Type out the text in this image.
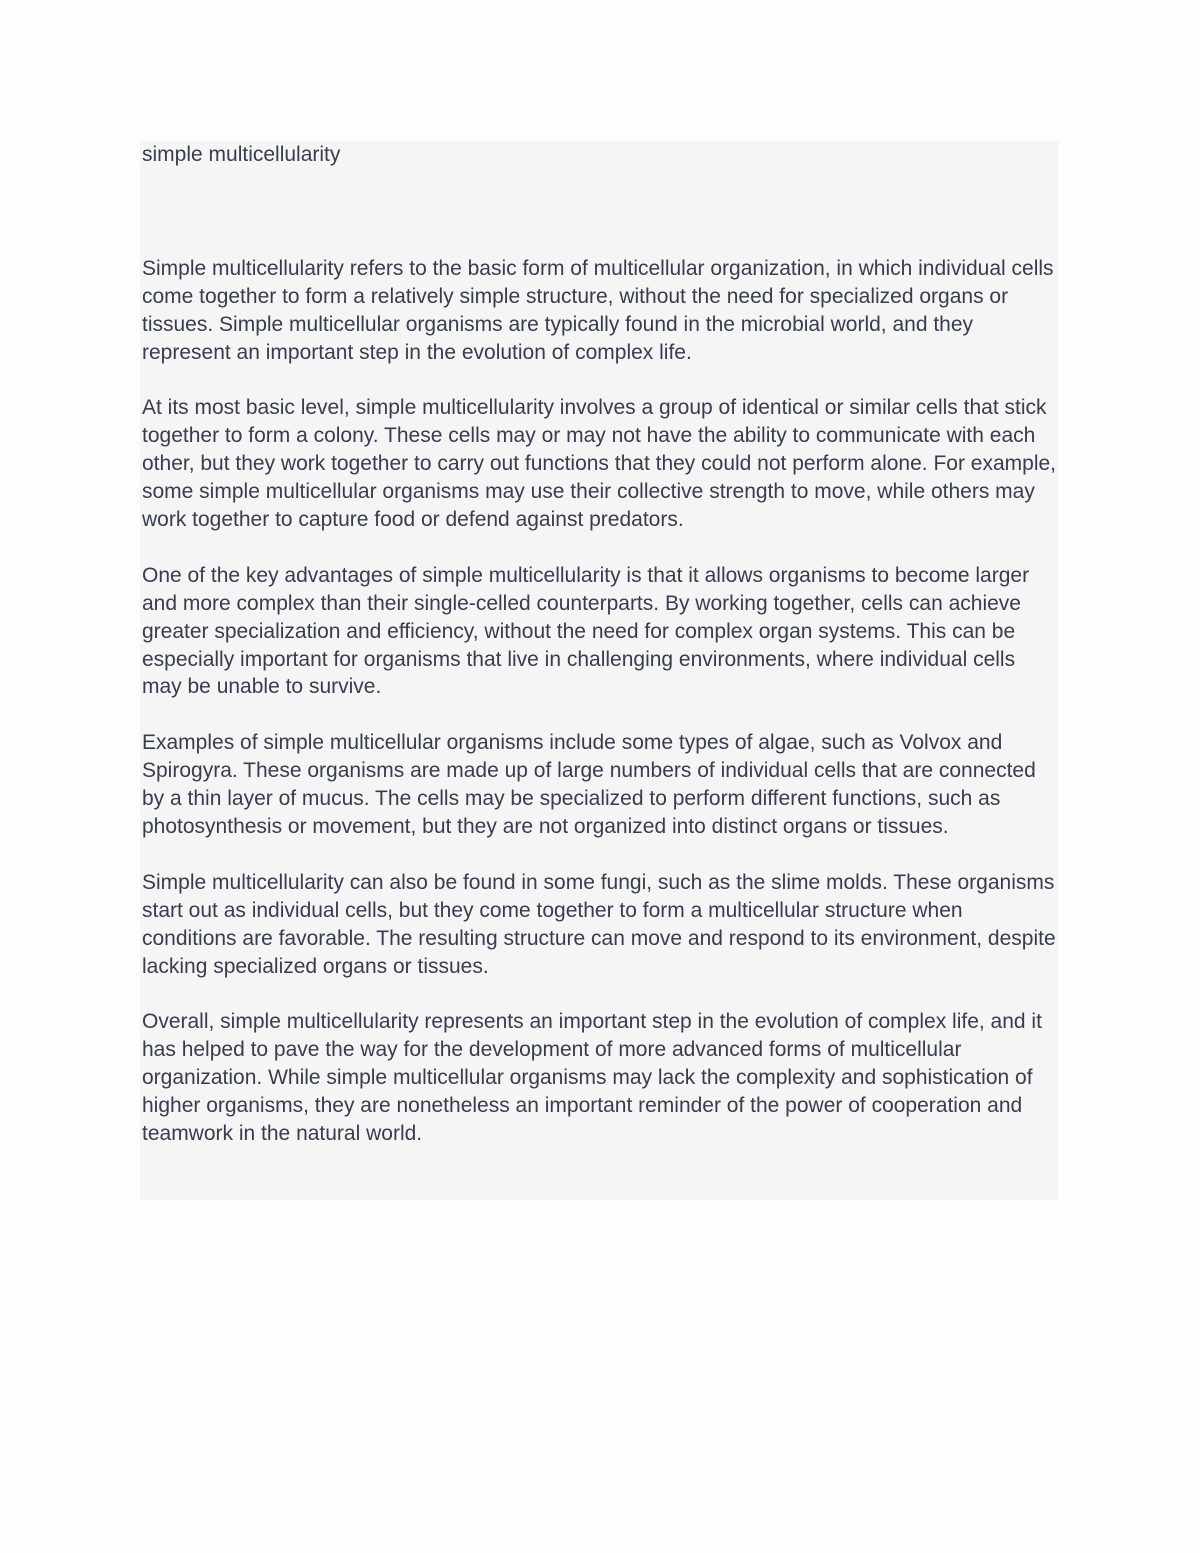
simple multicellularity

Simple multicellularity refers to the basic form of multicellular organization, in which individual cells come together to form a relatively simple structure, without the need for specialized organs or tissues. Simple multicellular organisms are typically found in the microbial world, and they represent an important step in the evolution of complex life.

At its most basic level, simple multicellularity involves a group of identical or similar cells that stick together to form a colony. These cells may or may not have the ability to communicate with each other, but they work together to carry out functions that they could not perform alone. For example, some simple multicellular organisms may use their collective strength to move, while others may work together to capture food or defend against predators.

One of the key advantages of simple multicellularity is that it allows organisms to become larger and more complex than their single-celled counterparts. By working together, cells can achieve greater specialization and efficiency, without the need for complex organ systems. This can be especially important for organisms that live in challenging environments, where individual cells may be unable to survive.

Examples of simple multicellular organisms include some types of algae, such as Volvox and Spirogyra. These organisms are made up of large numbers of individual cells that are connected by a thin layer of mucus. The cells may be specialized to perform different functions, such as photosynthesis or movement, but they are not organized into distinct organs or tissues.

Simple multicellularity can also be found in some fungi, such as the slime molds. These organisms start out as individual cells, but they come together to form a multicellular structure when conditions are favorable. The resulting structure can move and respond to its environment, despite lacking specialized organs or tissues.

Overall, simple multicellularity represents an important step in the evolution of complex life, and it has helped to pave the way for the development of more advanced forms of multicellular organization. While simple multicellular organisms may lack the complexity and sophistication of higher organisms, they are nonetheless an important reminder of the power of cooperation and teamwork in the natural world.
